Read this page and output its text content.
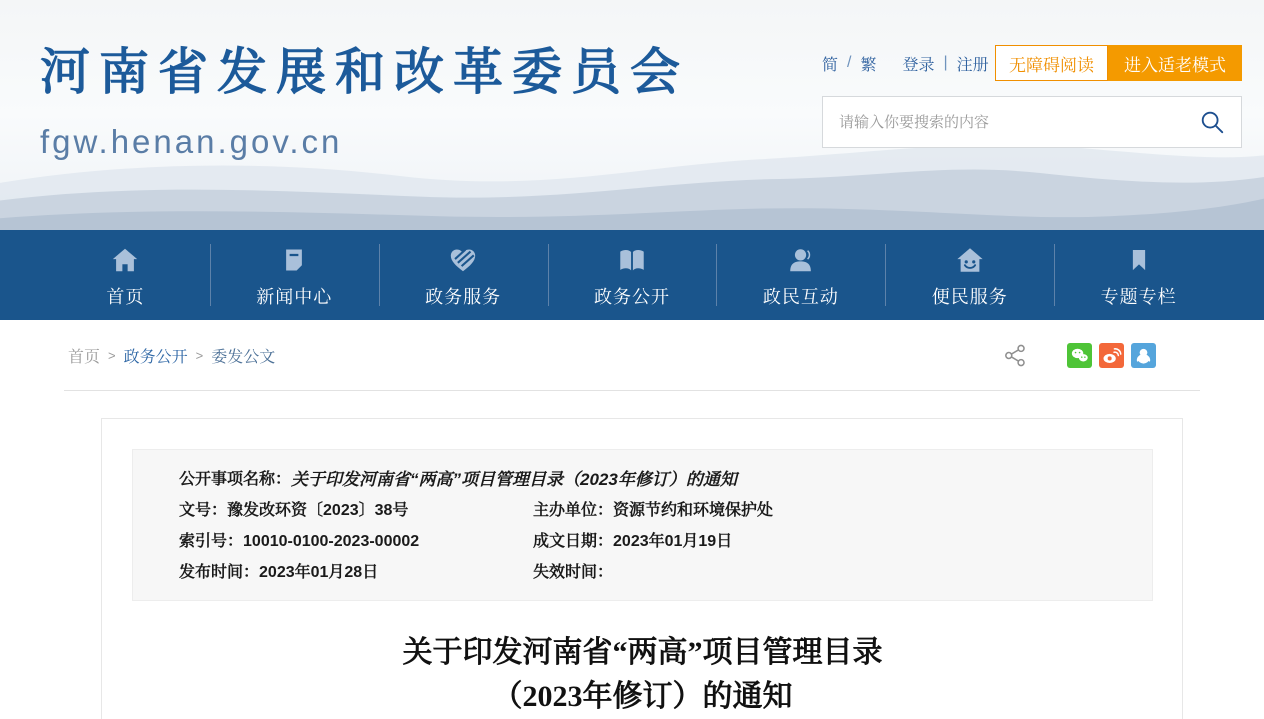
河南省发展和改革委员会
fgw.henan.gov.cn
简 / 繁 登录 | 注册	无障碍阅读	进入适老模式
请输入你要搜索的内容
首页	新闻中心	政务服务	政务公开	政民互动	便民服务	专题专栏
首页 > 政务公开 > 委发公文
公开事项名称： 关于印发河南省“两高”项目管理目录（2023年修订）的通知
文号：豫发改环资〔2023〕38号	主办单位：资源节约和环境保护处
索引号：10010-0100-2023-00002	成文日期：2023年01月19日
发布时间：2023年01月28日	失效时间：
关于印发河南省“两高”项目管理目录
（2023年修订）的通知
